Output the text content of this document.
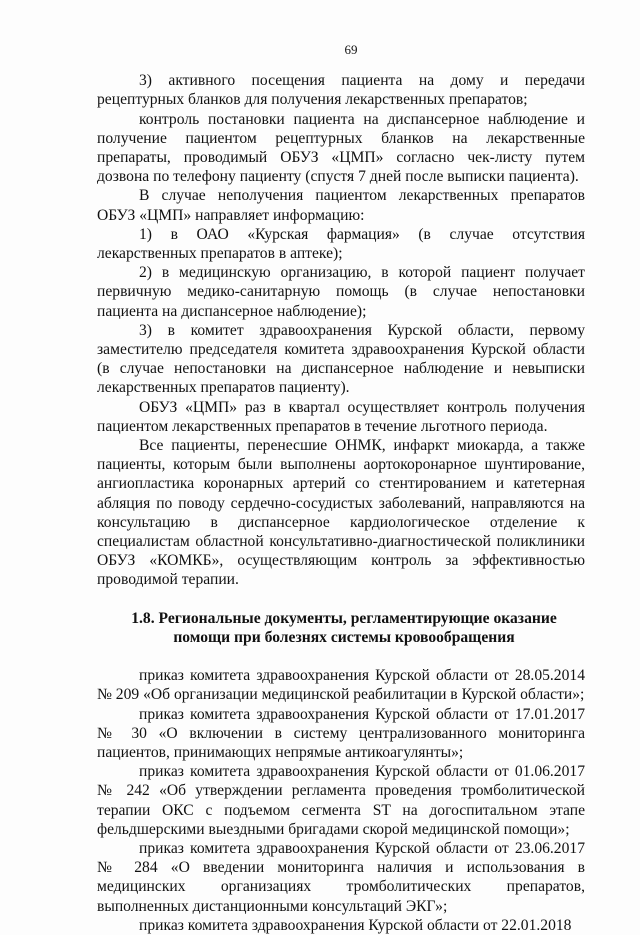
69

3) активного посещения пациента на дому и передачи рецептурных бланков для получения лекарственных препаратов;

контроль постановки пациента на диспансерное наблюдение и получение пациентом рецептурных бланков на лекарственные препараты, проводимый ОБУЗ «ЦМП» согласно чек-листу путем дозвона по телефону пациенту (спустя 7 дней после выписки пациента).

В случае неполучения пациентом лекарственных препаратов ОБУЗ «ЦМП» направляет информацию:

1) в ОАО «Курская фармация» (в случае отсутствия лекарственных препаратов в аптеке);

2) в медицинскую организацию, в которой пациент получает первичную медико-санитарную помощь (в случае непостановки пациента на диспансерное наблюдение);

3) в комитет здравоохранения Курской области, первому заместителю председателя комитета здравоохранения Курской области (в случае непостановки на диспансерное наблюдение и невыписки лекарственных препаратов пациенту).

ОБУЗ «ЦМП» раз в квартал осуществляет контроль получения пациентом лекарственных препаратов в течение льготного периода.

Все пациенты, перенесшие ОНМК, инфаркт миокарда, а также пациенты, которым были выполнены аортокоронарное шунтирование, ангиопластика коронарных артерий со стентированием и катетерная абляция по поводу сердечно-сосудистых заболеваний, направляются на консультацию в диспансерное кардиологическое отделение к специалистам областной консультативно-диагностической поликлиники ОБУЗ «КОМКБ», осуществляющим контроль за эффективностью проводимой терапии.

1.8. Региональные документы, регламентирующие оказание
помощи при болезнях системы кровообращения

приказ комитета здравоохранения Курской области от 28.05.2014 № 209 «Об организации медицинской реабилитации в Курской области»;

приказ комитета здравоохранения Курской области от 17.01.2017 № 30 «О включении в систему централизованного мониторинга пациентов, принимающих непрямые антикоагулянты»;

приказ комитета здравоохранения Курской области от 01.06.2017 № 242 «Об утверждении регламента проведения тромболитической терапии ОКС с подъемом сегмента ST на догоспитальном этапе фельдшерскими выездными бригадами скорой медицинской помощи»;

приказ комитета здравоохранения Курской области от 23.06.2017 № 284 «О введении мониторинга наличия и использования в медицинских организациях тромболитических препаратов, выполненных дистанционными консультаций ЭКГ»;

приказ комитета здравоохранения Курской области от 22.01.2018
